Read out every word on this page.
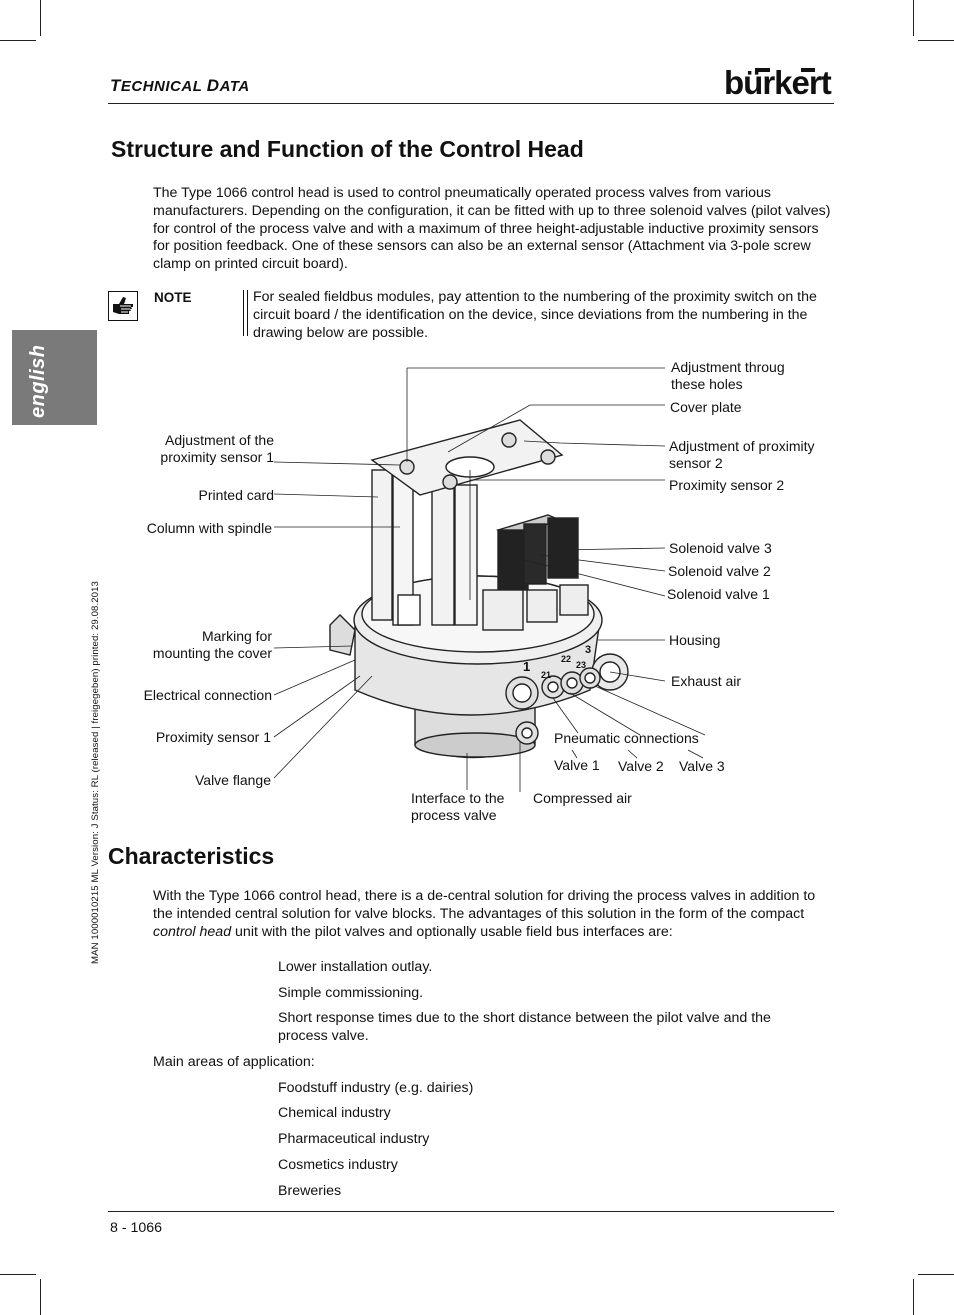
TECHNICAL DATA	bürkert
english
MAN 1000010215 ML Version: J Status: RL (released | freigegeben) printed: 29.08.2013
Structure and Function of the Control Head
The Type 1066 control head is used to control pneumatically operated process valves from various manufacturers. Depending on the configuration, it can be fitted with up to three solenoid valves (pilot valves) for control of the process valve and with a maximum of three height-adjustable inductive proximity sensors for position feedback. One of these sensors can also be an external sensor (Attachment via 3-pole screw clamp on printed circuit board).
NOTE	For sealed fieldbus modules, pay attention to the numbering of the proximity switch on the circuit board / the identification on the device, since deviations from the numbering in the drawing below are possible.
1
21
22
23
3
Adjustment of the
proximity sensor 1
Printed card
Column with spindle
Marking for
mounting the cover
Electrical connection
Proximity sensor 1
Valve flange
Adjustment throug
these holes
Cover plate
Adjustment of proximity
sensor 2
Proximity sensor 2
Solenoid valve 3
Solenoid valve 2
Solenoid valve 1
Housing
Exhaust air
Pneumatic connections
Valve 1 Valve 2 Valve 3
Interface to the
process valve
Compressed air
Characteristics
With the Type 1066 control head, there is a de-central solution for driving the process valves in addition to the intended central solution for valve blocks. The advantages of this solution in the form of the compact control head unit with the pilot valves and optionally usable field bus interfaces are:
Lower installation outlay.
Simple commissioning.
Short response times due to the short distance between the pilot valve and the process valve.
Main areas of application:
Foodstuff industry (e.g. dairies)
Chemical industry
Pharmaceutical industry
Cosmetics industry
Breweries
8 - 1066
